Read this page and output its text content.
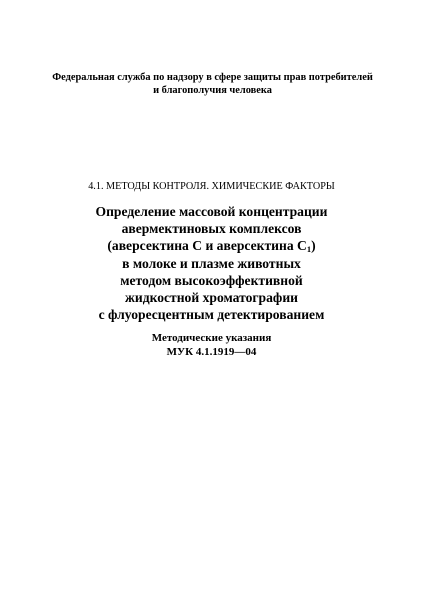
Федеральная служба по надзору в сфере защиты прав потребителей
и благополучия человека
4.1. МЕТОДЫ КОНТРОЛЯ. ХИМИЧЕСКИЕ ФАКТОРЫ
Определение массовой концентрации
авермектиновых комплексов
(аверсектина С и аверсектина $С_1$)
в молоке и плазме животных
методом высокоэффективной
жидкостной хроматографии
с флуоресцентным детектированием
Методические указания
МУК 4.1.1919—04
